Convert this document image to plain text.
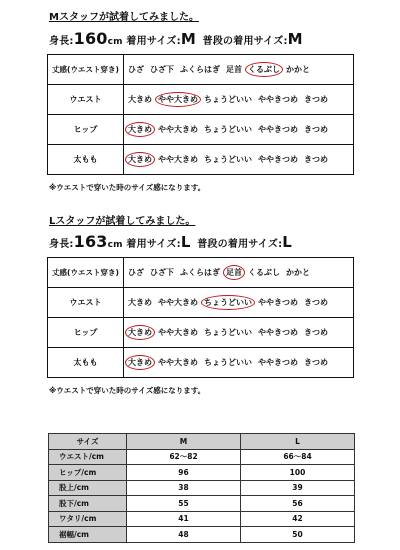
Mスタッフが試着してみました。
身長:160cm 着用サイズ:M 普段の着用サイズ:M
丈感(ウエスト穿き)	ひざ ひざ下 ふくらはぎ 足首 くるぶし かかと
ウエスト	大きめ やや大きめ ちょうどいい ややきつめ きつめ
ヒップ	大きめ やや大きめ ちょうどいい ややきつめ きつめ
太もも	大きめ やや大きめ ちょうどいい ややきつめ きつめ
※ウエストで穿いた時のサイズ感になります。
Lスタッフが試着してみました。
身長:163cm 着用サイズ:L 普段の着用サイズ:L
丈感(ウエスト穿き)	ひざ ひざ下 ふくらはぎ 足首 くるぶし かかと
ウエスト	大きめ やや大きめ ちょうどいい ややきつめ きつめ
ヒップ	大きめ やや大きめ ちょうどいい ややきつめ きつめ
太もも	大きめ やや大きめ ちょうどいい ややきつめ きつめ
※ウエストで穿いた時のサイズ感になります。
サイズ	M	L
ウエスト/cm	62〜82	66〜84
ヒップ/cm	96	100
股上/cm	38	39
股下/cm	55	56
ワタリ/cm	41	42
裾幅/cm	48	50
